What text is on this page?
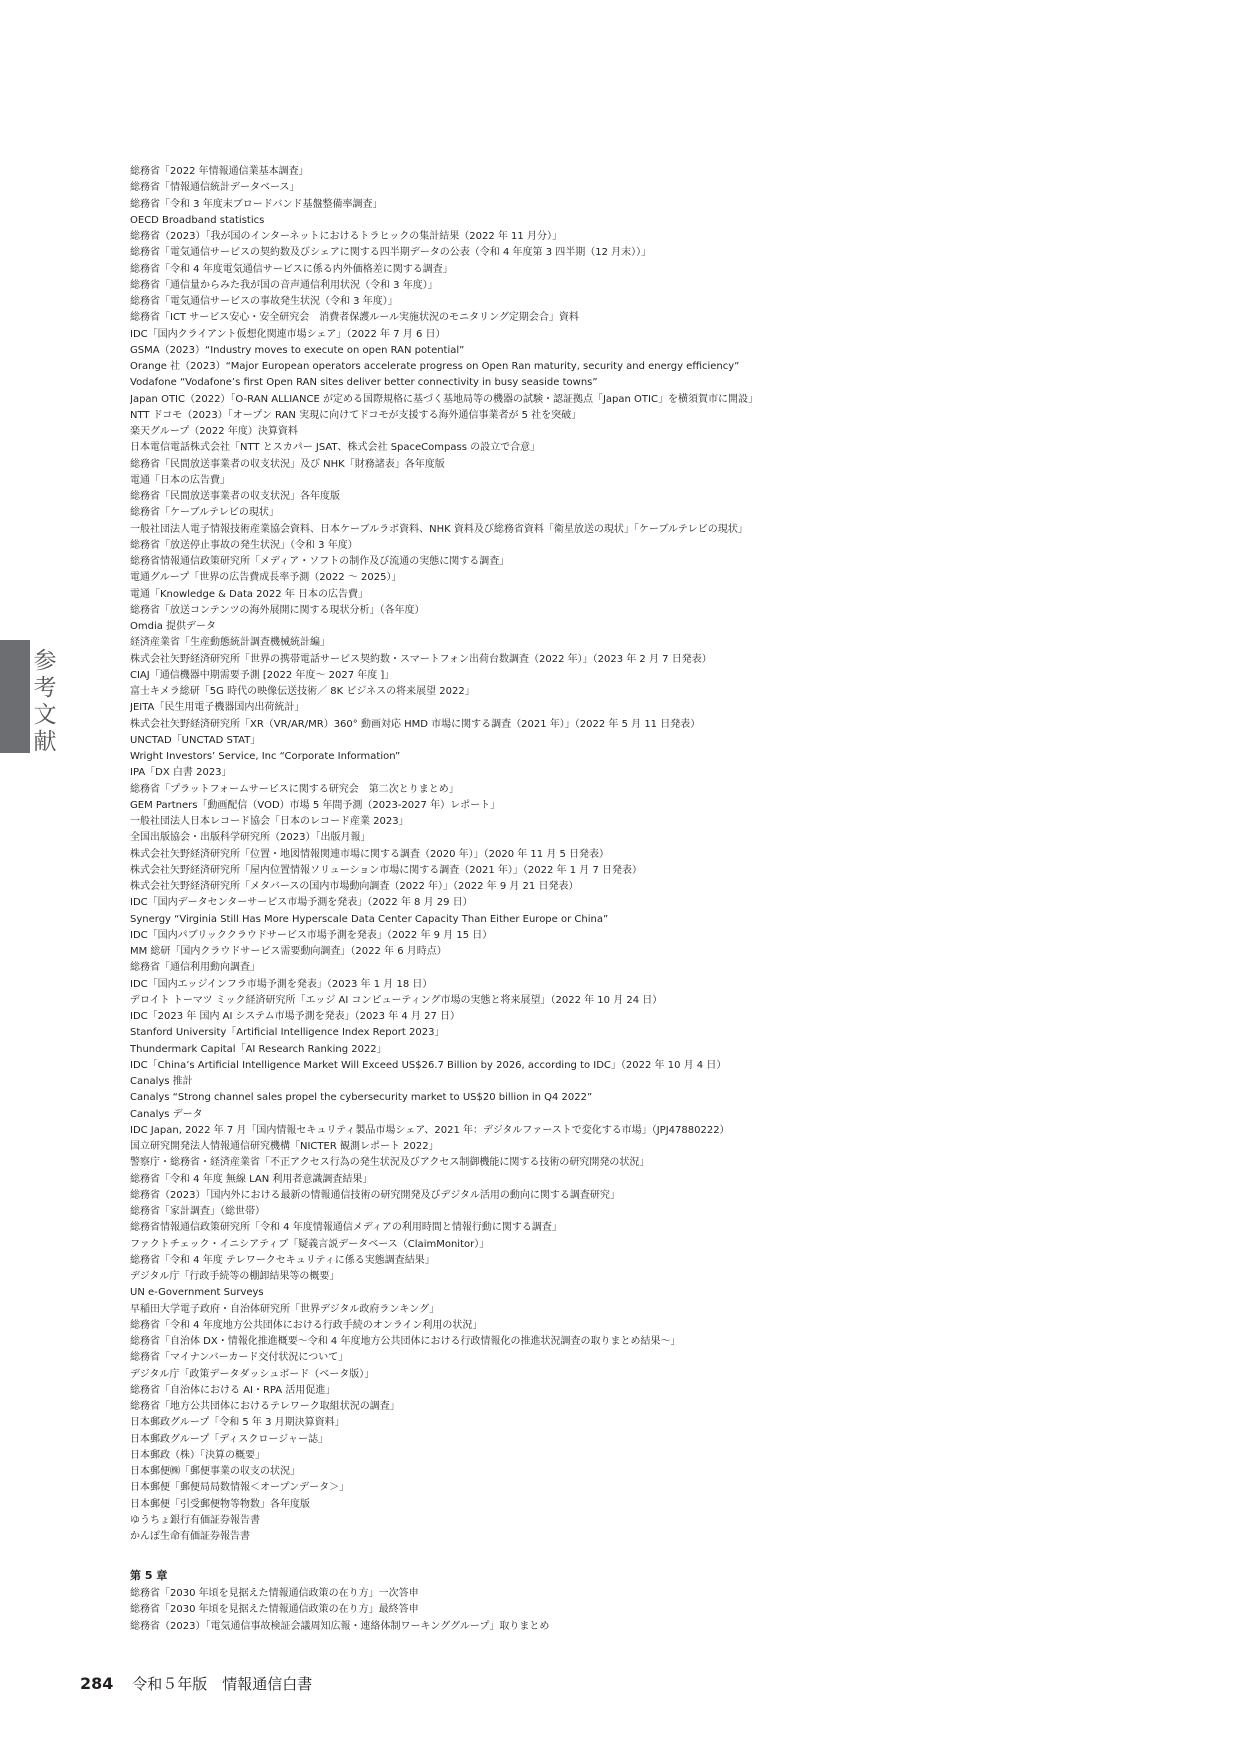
総務省「2022 年情報通信業基本調査」
総務省「情報通信統計データベース」
総務省「令和 3 年度末ブロードバンド基盤整備率調査」
OECD Broadband statistics
総務省（2023）「我が国のインターネットにおけるトラヒックの集計結果（2022 年 11 月分）」
総務省「電気通信サービスの契約数及びシェアに関する四半期データの公表（令和 4 年度第 3 四半期（12 月末））」
総務省「令和 4 年度電気通信サービスに係る内外価格差に関する調査」
総務省「通信量からみた我が国の音声通信利用状況（令和 3 年度）」
総務省「電気通信サービスの事故発生状況（令和 3 年度）」
総務省「ICT サービス安心・安全研究会　消費者保護ルール実施状況のモニタリング定期会合」資料
IDC「国内クライアント仮想化関連市場シェア」（2022 年 7 月 6 日）
GSMA（2023）“Industry moves to execute on open RAN potential”
Orange 社（2023）“Major European operators accelerate progress on Open Ran maturity, security and energy efficiency”
Vodafone “Vodafone’s first Open RAN sites deliver better connectivity in busy seaside towns”
Japan OTIC（2022）「O-RAN ALLIANCE が定める国際規格に基づく基地局等の機器の試験・認証拠点「Japan OTIC」を横須賀市に開設」
NTT ドコモ（2023）「オープン RAN 実現に向けてドコモが支援する海外通信事業者が 5 社を突破」
楽天グループ（2022 年度）決算資料
日本電信電話株式会社「NTT とスカパー JSAT、株式会社 SpaceCompass の設立で合意」
総務省「民間放送事業者の収支状況」及び NHK「財務諸表」各年度版
電通「日本の広告費」
総務省「民間放送事業者の収支状況」各年度版
総務省「ケーブルテレビの現状」
一般社団法人電子情報技術産業協会資料、日本ケーブルラボ資料、NHK 資料及び総務省資料「衛星放送の現状」「ケーブルテレビの現状」
総務省「放送停止事故の発生状況」（令和 3 年度）
総務省情報通信政策研究所「メディア・ソフトの制作及び流通の実態に関する調査」
電通グループ「世界の広告費成長率予測（2022 ～ 2025）」
電通「Knowledge & Data 2022 年 日本の広告費」
総務省「放送コンテンツの海外展開に関する現状分析」（各年度）
Omdia 提供データ
経済産業省「生産動態統計調査機械統計編」
株式会社矢野経済研究所「世界の携帯電話サービス契約数・スマートフォン出荷台数調査（2022 年）」（2023 年 2 月 7 日発表）
CIAJ「通信機器中期需要予測 [2022 年度～ 2027 年度 ]」
富士キメラ総研「5G 時代の映像伝送技術／ 8K ビジネスの将来展望 2022」
JEITA「民生用電子機器国内出荷統計」
株式会社矢野経済研究所「XR（VR/AR/MR）360° 動画対応 HMD 市場に関する調査（2021 年）」（2022 年 5 月 11 日発表）
UNCTAD「UNCTAD STAT」
Wright Investors’ Service, Inc “Corporate Information”
IPA「DX 白書 2023」
総務省「プラットフォームサービスに関する研究会　第二次とりまとめ」
GEM Partners「動画配信（VOD）市場 5 年間予測（2023-2027 年）レポート」
一般社団法人日本レコード協会「日本のレコード産業 2023」
全国出版協会・出版科学研究所（2023）「出版月報」
株式会社矢野経済研究所「位置・地図情報関連市場に関する調査（2020 年）」（2020 年 11 月 5 日発表）
株式会社矢野経済研究所「屋内位置情報ソリューション市場に関する調査（2021 年）」（2022 年 1 月 7 日発表）
株式会社矢野経済研究所「メタバースの国内市場動向調査（2022 年）」（2022 年 9 月 21 日発表）
IDC「国内データセンターサービス市場予測を発表」（2022 年 8 月 29 日）
Synergy “Virginia Still Has More Hyperscale Data Center Capacity Than Either Europe or China”
IDC「国内パブリッククラウドサービス市場予測を発表」（2022 年 9 月 15 日）
MM 総研「国内クラウドサービス需要動向調査」（2022 年 6 月時点）
総務省「通信利用動向調査」
IDC「国内エッジインフラ市場予測を発表」（2023 年 1 月 18 日）
デロイト トーマツ ミック経済研究所「エッジ AI コンピューティング市場の実態と将来展望」（2022 年 10 月 24 日）
IDC「2023 年 国内 AI システム市場予測を発表」（2023 年 4 月 27 日）
Stanford University「Artificial Intelligence Index Report 2023」
Thundermark Capital「AI Research Ranking 2022」
IDC「China’s Artificial Intelligence Market Will Exceed US$26.7 Billion by 2026, according to IDC」（2022 年 10 月 4 日）
Canalys 推計
Canalys “Strong channel sales propel the cybersecurity market to US$20 billion in Q4 2022”
Canalys データ
IDC Japan, 2022 年 7 月「国内情報セキュリティ製品市場シェア、2021 年：デジタルファーストで変化する市場」（JPJ47880222）
国立研究開発法人情報通信研究機構「NICTER 観測レポート 2022」
警察庁・総務省・経済産業省「不正アクセス行為の発生状況及びアクセス制御機能に関する技術の研究開発の状況」
総務省「令和 4 年度 無線 LAN 利用者意識調査結果」
総務省（2023）「国内外における最新の情報通信技術の研究開発及びデジタル活用の動向に関する調査研究」
総務省「家計調査」（総世帯）
総務省情報通信政策研究所「令和 4 年度情報通信メディアの利用時間と情報行動に関する調査」
ファクトチェック・イニシアティブ「疑義言説データベース（ClaimMonitor）」
総務省「令和 4 年度 テレワークセキュリティに係る実態調査結果」
デジタル庁「行政手続等の棚卸結果等の概要」
UN e-Government Surveys
早稲田大学電子政府・自治体研究所「世界デジタル政府ランキング」
総務省「令和 4 年度地方公共団体における行政手続のオンライン利用の状況」
総務省「自治体 DX・情報化推進概要～令和 4 年度地方公共団体における行政情報化の推進状況調査の取りまとめ結果～」
総務省「マイナンバーカード交付状況について」
デジタル庁「政策データダッシュボード（ベータ版）」
総務省「自治体における AI・RPA 活用促進」
総務省「地方公共団体におけるテレワーク取組状況の調査」
日本郵政グループ「令和 5 年 3 月期決算資料」
日本郵政グループ「ディスクロージャー誌」
日本郵政（株）「決算の概要」
日本郵便㈱「郵便事業の収支の状況」
日本郵便「郵便局局数情報＜オープンデータ＞」
日本郵便「引受郵便物等物数」各年度版
ゆうちょ銀行有価証券報告書
かんぽ生命有価証券報告書
第 5 章
総務省「2030 年頃を見据えた情報通信政策の在り方」一次答申
総務省「2030 年頃を見据えた情報通信政策の在り方」最終答申
総務省（2023）「電気通信事故検証会議周知広報・連絡体制ワーキンググループ」取りまとめ
参考文献
284 令和５年版　情報通信白書
